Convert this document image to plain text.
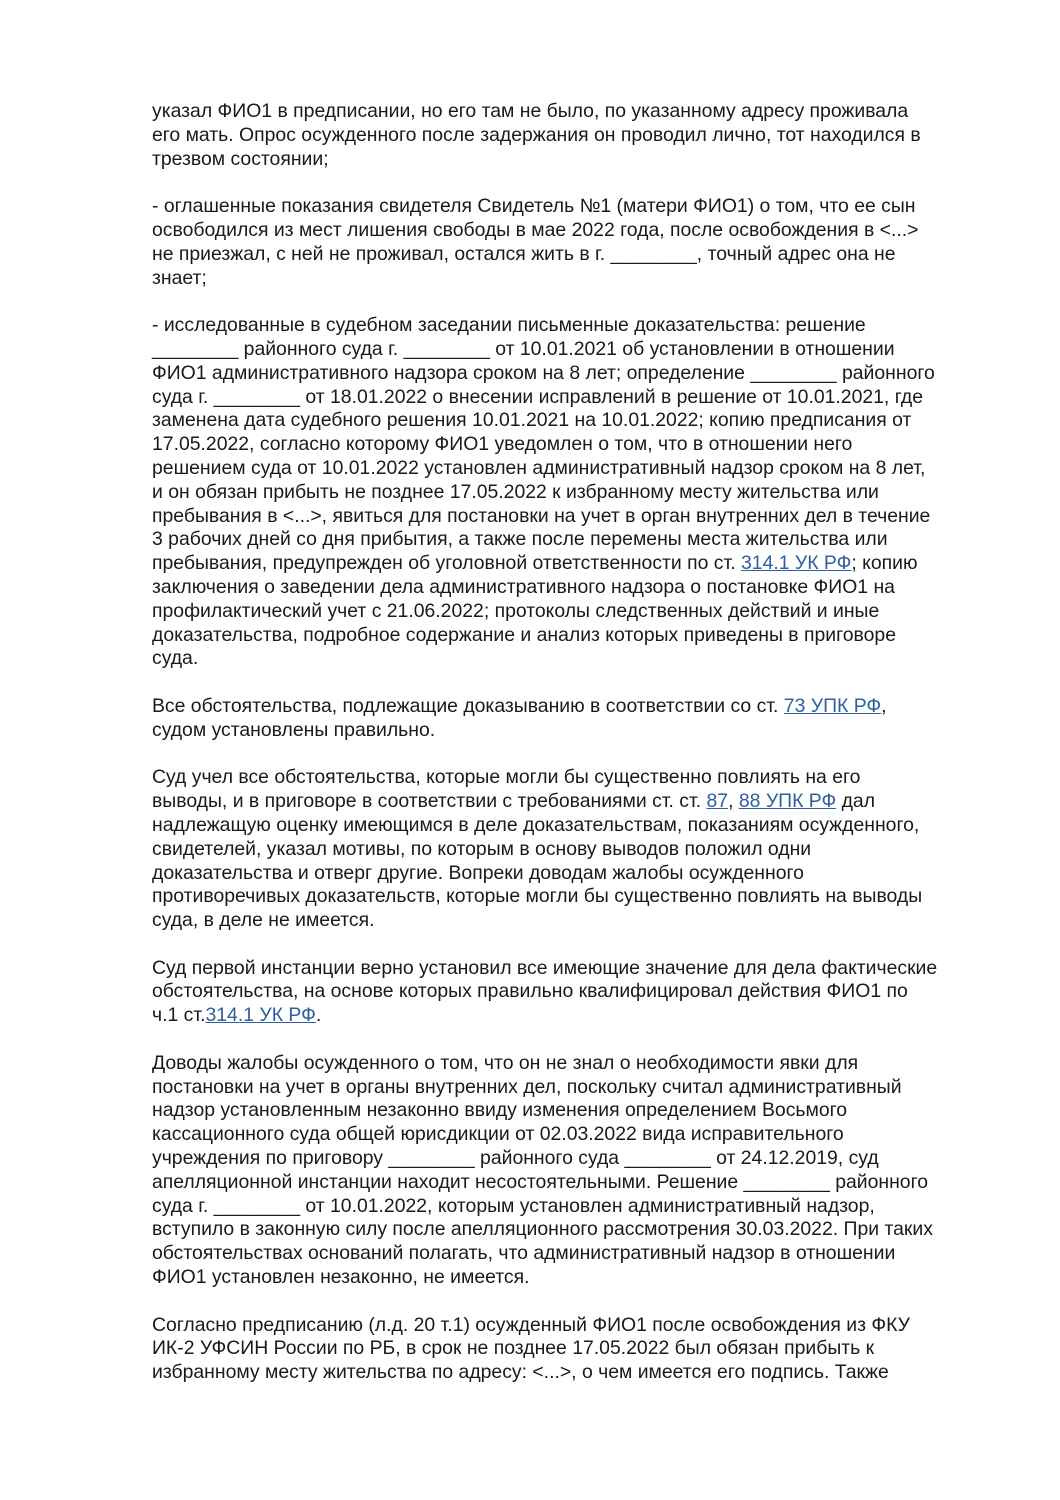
указал ФИО1 в предписании, но его там не было, по указанному адресу проживала
его мать. Опрос осужденного после задержания он проводил лично, тот находился в
трезвом состоянии;

- оглашенные показания свидетеля Свидетель №1 (матери ФИО1) о том, что ее сын
освободился из мест лишения свободы в мае 2022 года, после освобождения в <...>
не приезжал, с ней не проживал, остался жить в г. ________, точный адрес она не
знает;

- исследованные в судебном заседании письменные доказательства: решение
________ районного суда г. ________ от 10.01.2021 об установлении в отношении
ФИО1 административного надзора сроком на 8 лет; определение ________ районного
суда г. ________ от 18.01.2022 о внесении исправлений в решение от 10.01.2021, где
заменена дата судебного решения 10.01.2021 на 10.01.2022; копию предписания от
17.05.2022, согласно которому ФИО1 уведомлен о том, что в отношении него
решением суда от 10.01.2022 установлен административный надзор сроком на 8 лет,
и он обязан прибыть не позднее 17.05.2022 к избранному месту жительства или
пребывания в <...>, явиться для постановки на учет в орган внутренних дел в течение
3 рабочих дней со дня прибытия, а также после перемены места жительства или
пребывания, предупрежден об уголовной ответственности по ст. 314.1 УК РФ; копию
заключения о заведении дела административного надзора о постановке ФИО1 на
профилактический учет с 21.06.2022; протоколы следственных действий и иные
доказательства, подробное содержание и анализ которых приведены в приговоре
суда.

Все обстоятельства, подлежащие доказыванию в соответствии со ст. 73 УПК РФ,
судом установлены правильно.

Суд учел все обстоятельства, которые могли бы существенно повлиять на его
выводы, и в приговоре в соответствии с требованиями ст. ст. 87, 88 УПК РФ дал
надлежащую оценку имеющимся в деле доказательствам, показаниям осужденного,
свидетелей, указал мотивы, по которым в основу выводов положил одни
доказательства и отверг другие. Вопреки доводам жалобы осужденного
противоречивых доказательств, которые могли бы существенно повлиять на выводы
суда, в деле не имеется.

Суд первой инстанции верно установил все имеющие значение для дела фактические
обстоятельства, на основе которых правильно квалифицировал действия ФИО1 по
ч.1 ст.314.1 УК РФ.

Доводы жалобы осужденного о том, что он не знал о необходимости явки для
постановки на учет в органы внутренних дел, поскольку считал административный
надзор установленным незаконно ввиду изменения определением Восьмого
кассационного суда общей юрисдикции от 02.03.2022 вида исправительного
учреждения по приговору ________ районного суда ________ от 24.12.2019, суд
апелляционной инстанции находит несостоятельными. Решение ________ районного
суда г. ________ от 10.01.2022, которым установлен административный надзор,
вступило в законную силу после апелляционного рассмотрения 30.03.2022. При таких
обстоятельствах оснований полагать, что административный надзор в отношении
ФИО1 установлен незаконно, не имеется.

Согласно предписанию (л.д. 20 т.1) осужденный ФИО1 после освобождения из ФКУ
ИК-2 УФСИН России по РБ, в срок не позднее 17.05.2022 был обязан прибыть к
избранному месту жительства по адресу: <...>, о чем имеется его подпись. Также
